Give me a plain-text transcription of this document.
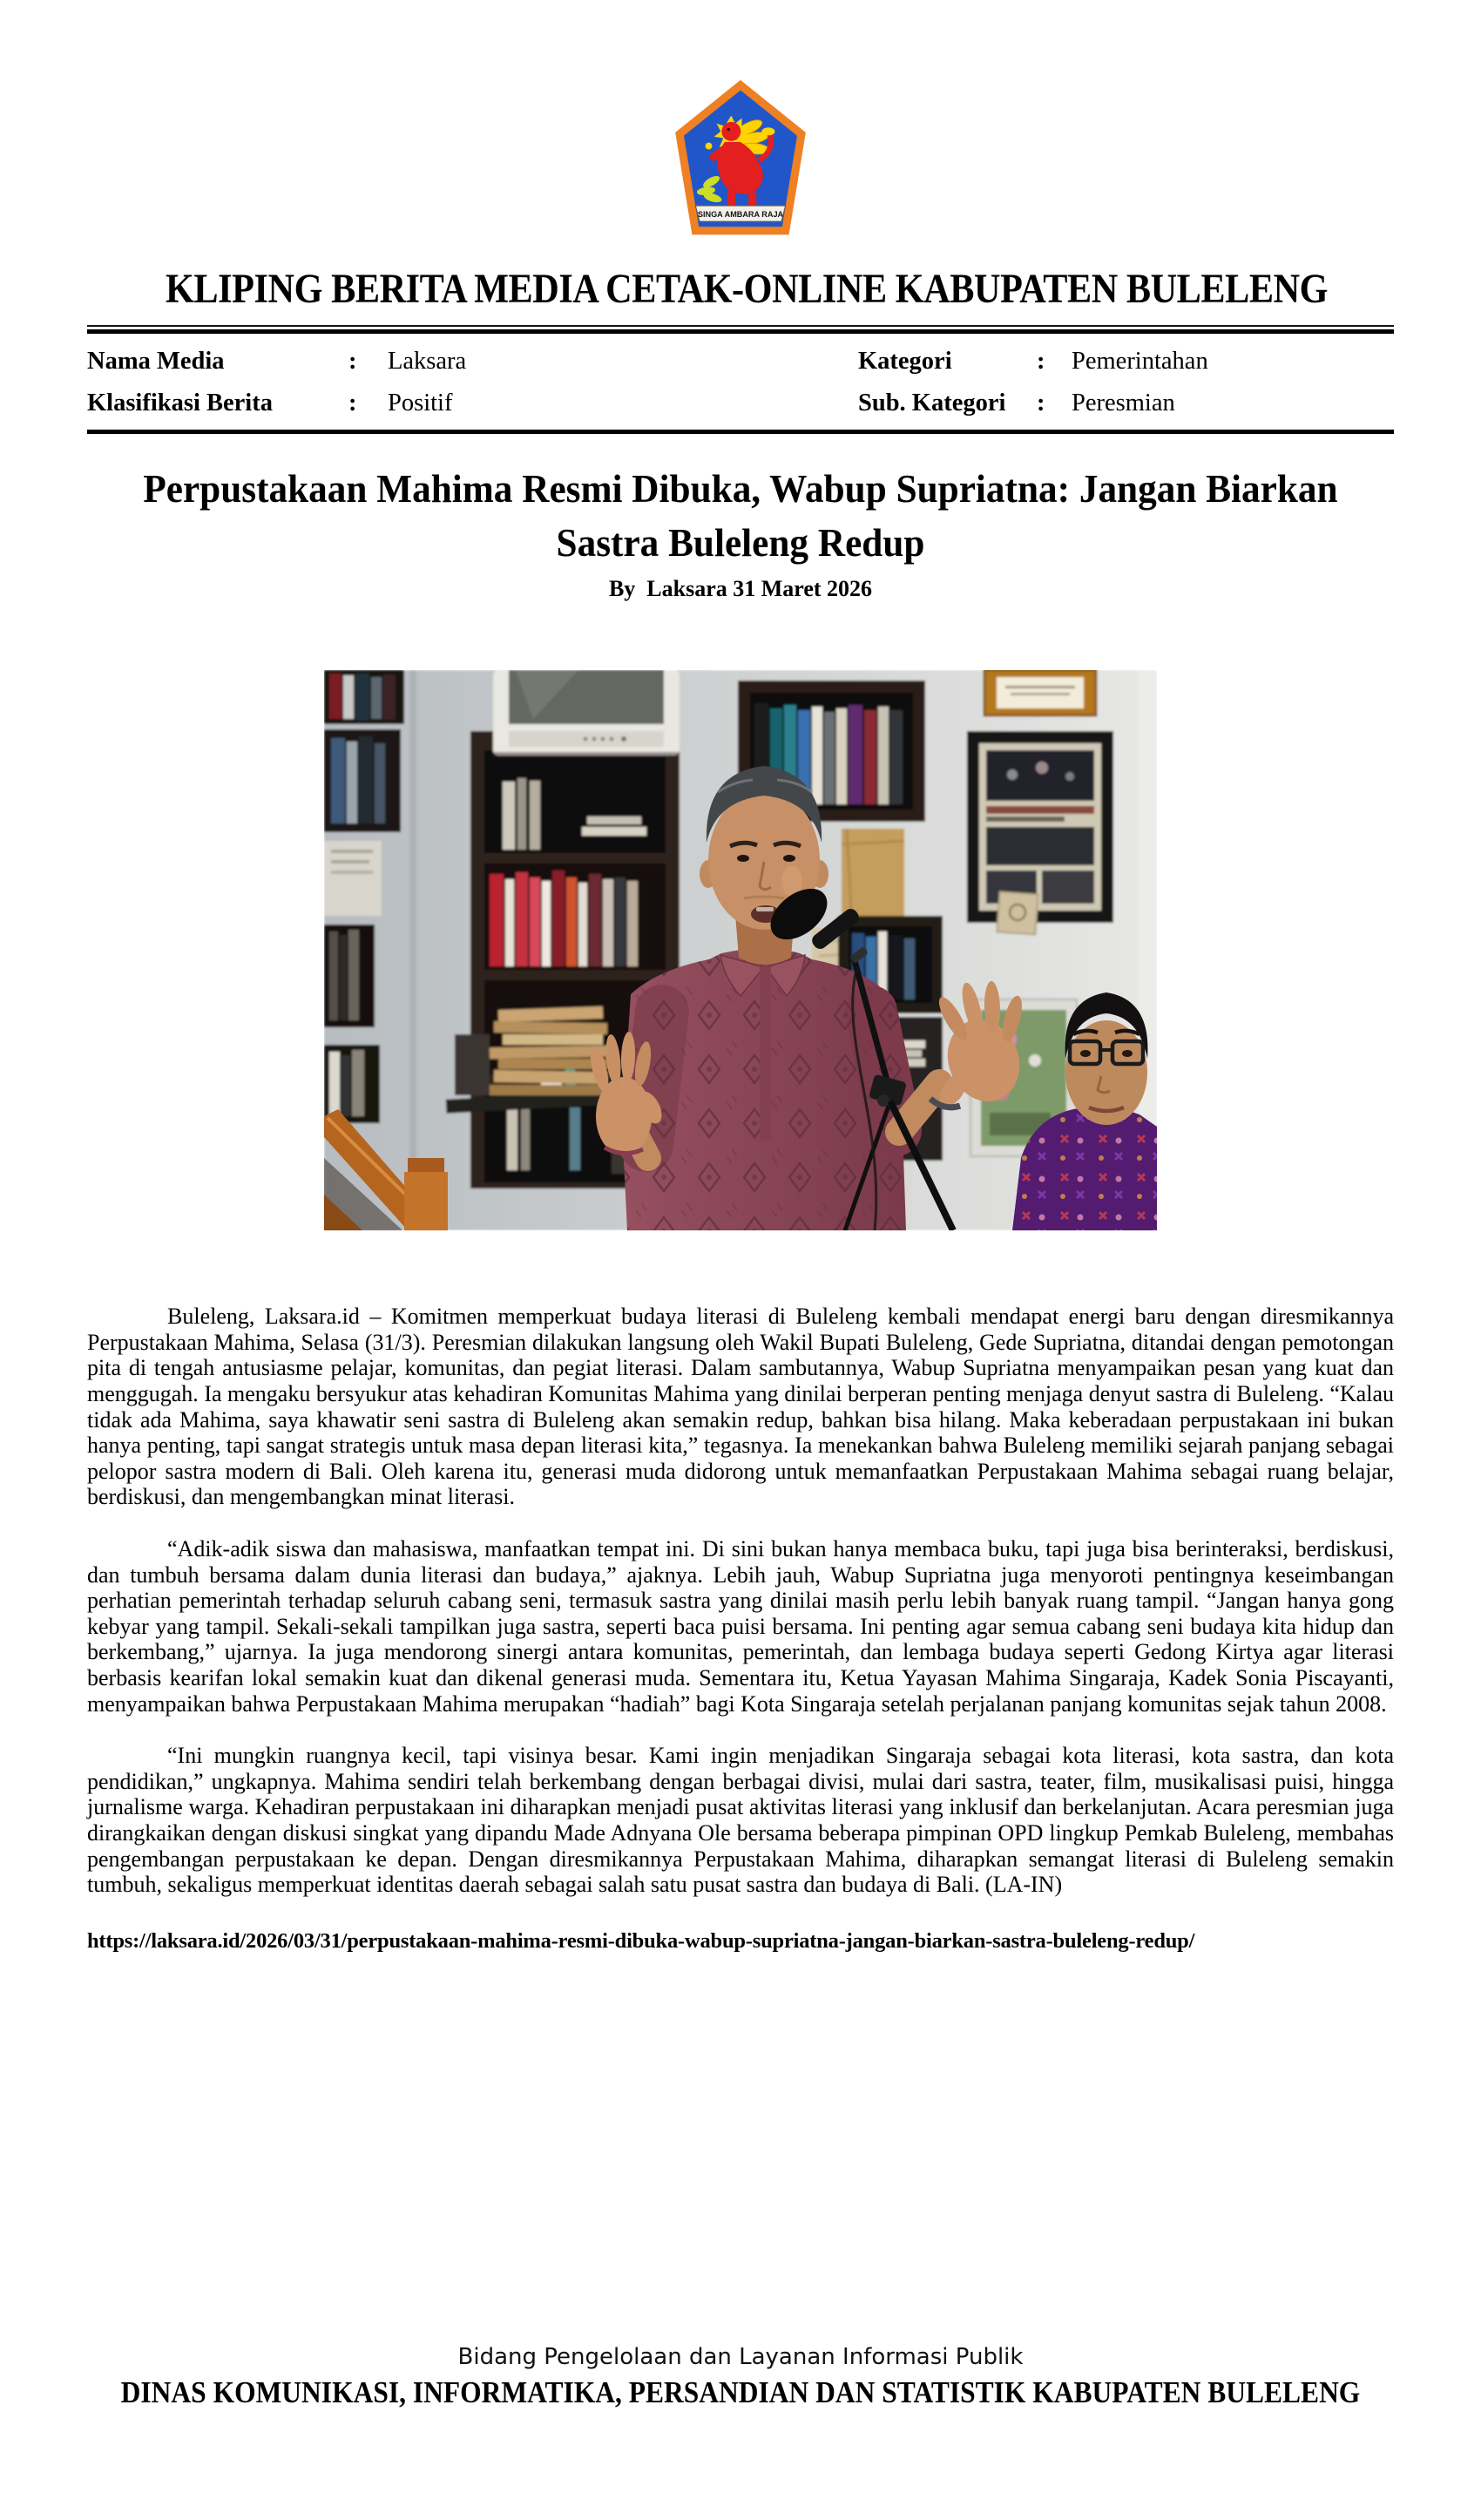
SINGA AMBARA RAJA
KLIPING BERITA MEDIA CETAK-ONLINE KABUPATEN BULELENG
Nama Media	:	Laksara	Kategori	:	Pemerintahan
Klasifikasi Berita	:	Positif	Sub. Kategori	:	Peresmian
Perpustakaan Mahima Resmi Dibuka, Wabup Supriatna: Jangan Biarkan Sastra Buleleng Redup
By  Laksara 31 Maret 2026

Buleleng, Laksara.id – Komitmen memperkuat budaya literasi di Buleleng kembali mendapat energi baru dengan diresmikannya Perpustakaan Mahima, Selasa (31/3). Peresmian dilakukan langsung oleh Wakil Bupati Buleleng, Gede Supriatna, ditandai dengan pemotongan pita di tengah antusiasme pelajar, komunitas, dan pegiat literasi. Dalam sambutannya, Wabup Supriatna menyampaikan pesan yang kuat dan menggugah. Ia mengaku bersyukur atas kehadiran Komunitas Mahima yang dinilai berperan penting menjaga denyut sastra di Buleleng. “Kalau tidak ada Mahima, saya khawatir seni sastra di Buleleng akan semakin redup, bahkan bisa hilang. Maka keberadaan perpustakaan ini bukan hanya penting, tapi sangat strategis untuk masa depan literasi kita,” tegasnya. Ia menekankan bahwa Buleleng memiliki sejarah panjang sebagai pelopor sastra modern di Bali. Oleh karena itu, generasi muda didorong untuk memanfaatkan Perpustakaan Mahima sebagai ruang belajar, berdiskusi, dan mengembangkan minat literasi.

“Adik-adik siswa dan mahasiswa, manfaatkan tempat ini. Di sini bukan hanya membaca buku, tapi juga bisa berinteraksi, berdiskusi, dan tumbuh bersama dalam dunia literasi dan budaya,” ajaknya. Lebih jauh, Wabup Supriatna juga menyoroti pentingnya keseimbangan perhatian pemerintah terhadap seluruh cabang seni, termasuk sastra yang dinilai masih perlu lebih banyak ruang tampil. “Jangan hanya gong kebyar yang tampil. Sekali-sekali tampilkan juga sastra, seperti baca puisi bersama. Ini penting agar semua cabang seni budaya kita hidup dan berkembang,” ujarnya. Ia juga mendorong sinergi antara komunitas, pemerintah, dan lembaga budaya seperti Gedong Kirtya agar literasi berbasis kearifan lokal semakin kuat dan dikenal generasi muda. Sementara itu, Ketua Yayasan Mahima Singaraja, Kadek Sonia Piscayanti, menyampaikan bahwa Perpustakaan Mahima merupakan “hadiah” bagi Kota Singaraja setelah perjalanan panjang komunitas sejak tahun 2008.

“Ini mungkin ruangnya kecil, tapi visinya besar. Kami ingin menjadikan Singaraja sebagai kota literasi, kota sastra, dan kota pendidikan,” ungkapnya. Mahima sendiri telah berkembang dengan berbagai divisi, mulai dari sastra, teater, film, musikalisasi puisi, hingga jurnalisme warga. Kehadiran perpustakaan ini diharapkan menjadi pusat aktivitas literasi yang inklusif dan berkelanjutan. Acara peresmian juga dirangkaikan dengan diskusi singkat yang dipandu Made Adnyana Ole bersama beberapa pimpinan OPD lingkup Pemkab Buleleng, membahas pengembangan perpustakaan ke depan. Dengan diresmikannya Perpustakaan Mahima, diharapkan semangat literasi di Buleleng semakin tumbuh, sekaligus memperkuat identitas daerah sebagai salah satu pusat sastra dan budaya di Bali. (LA-IN)

https://laksara.id/2026/03/31/perpustakaan-mahima-resmi-dibuka-wabup-supriatna-jangan-biarkan-sastra-buleleng-redup/
Bidang Pengelolaan dan Layanan Informasi Publik
DINAS KOMUNIKASI, INFORMATIKA, PERSANDIAN DAN STATISTIK KABUPATEN BULELENG
